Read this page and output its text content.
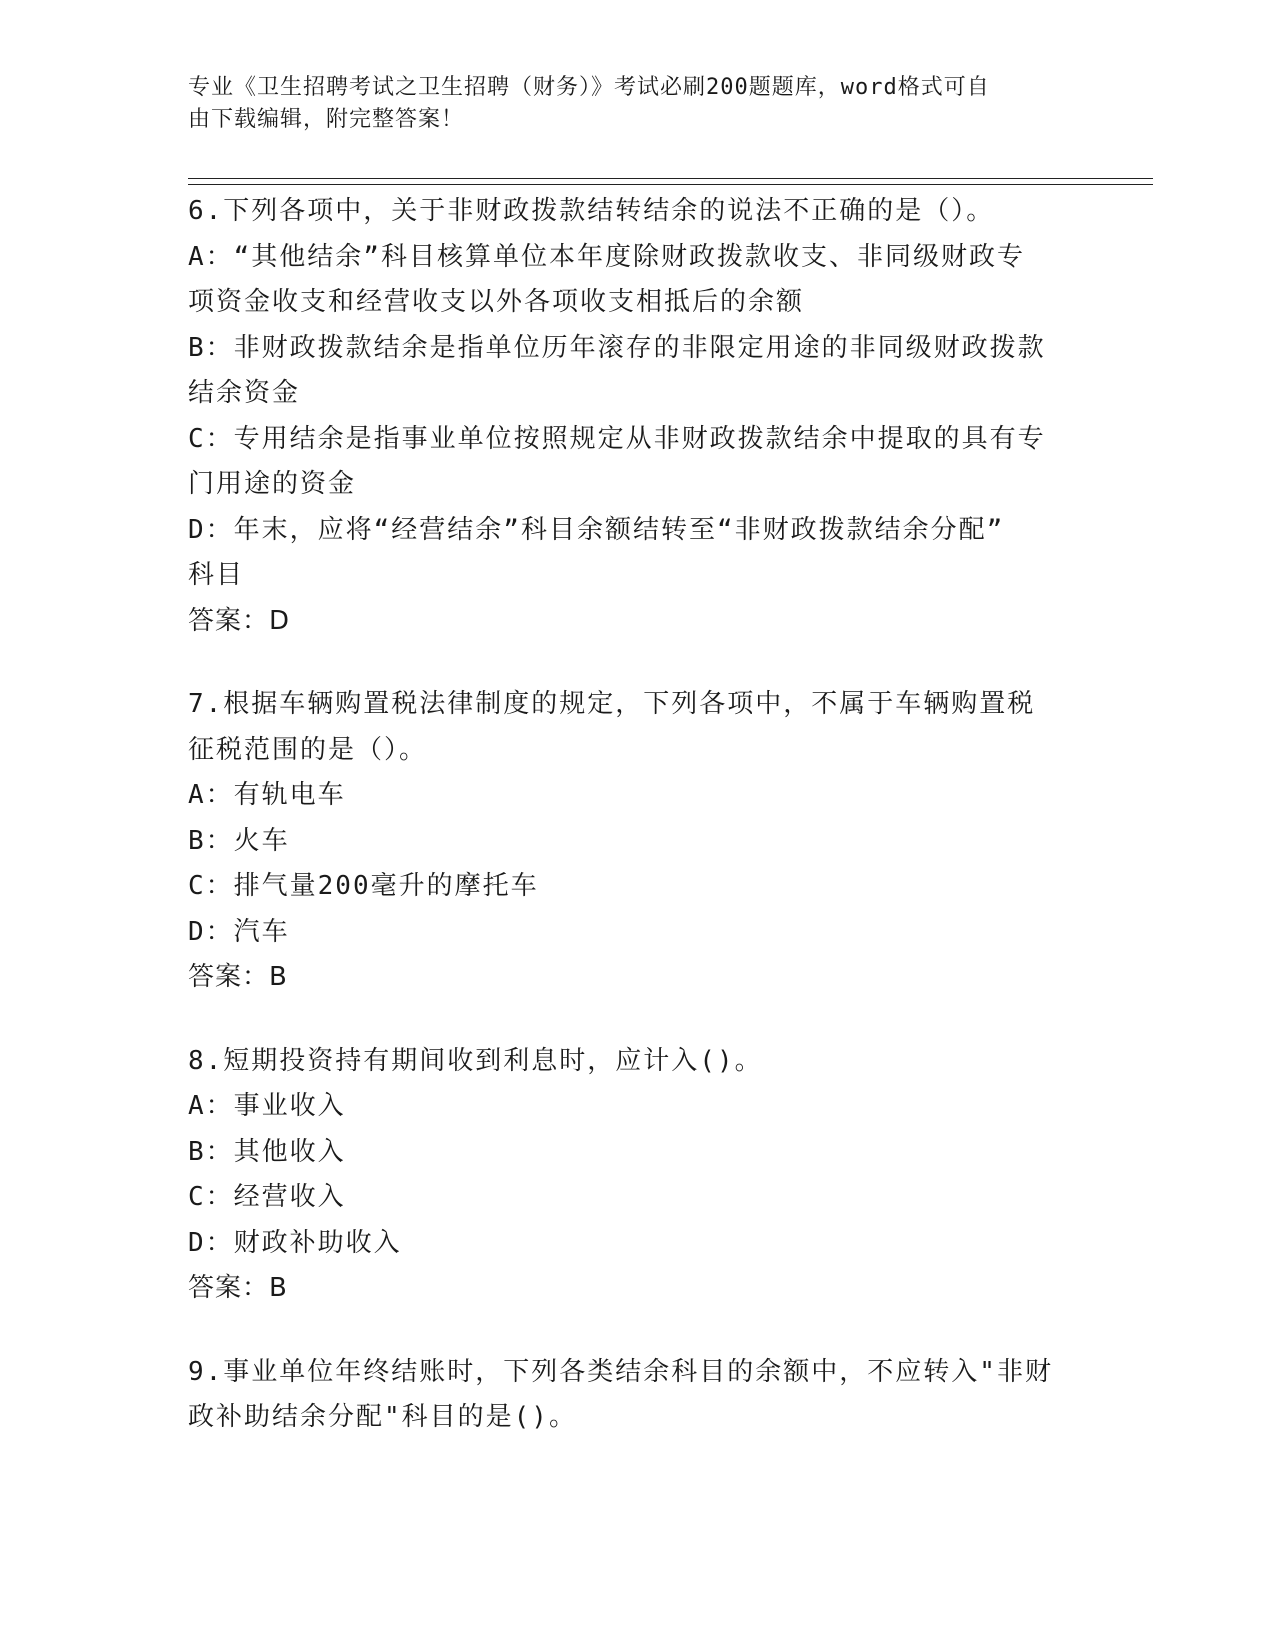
专业《卫生招聘考试之卫生招聘（财务）》考试必刷200题题库，word格式可自
由下载编辑，附完整答案！
6.下列各项中，关于非财政拨款结转结余的说法不正确的是（）。
A：“其他结余”科目核算单位本年度除财政拨款收支、非同级财政专
项资金收支和经营收支以外各项收支相抵后的余额
B：非财政拨款结余是指单位历年滚存的非限定用途的非同级财政拨款
结余资金
C：专用结余是指事业单位按照规定从非财政拨款结余中提取的具有专
门用途的资金
D：年末，应将“经营结余”科目余额结转至“非财政拨款结余分配”
科目
答案：D
7.根据车辆购置税法律制度的规定，下列各项中，不属于车辆购置税
征税范围的是（）。
A：有轨电车
B：火车
C：排气量200毫升的摩托车
D：汽车
答案：B
8.短期投资持有期间收到利息时，应计入()。
A：事业收入
B：其他收入
C：经营收入
D：财政补助收入
答案：B
9.事业单位年终结账时，下列各类结余科目的余额中，不应转入"非财
政补助结余分配"科目的是()。
